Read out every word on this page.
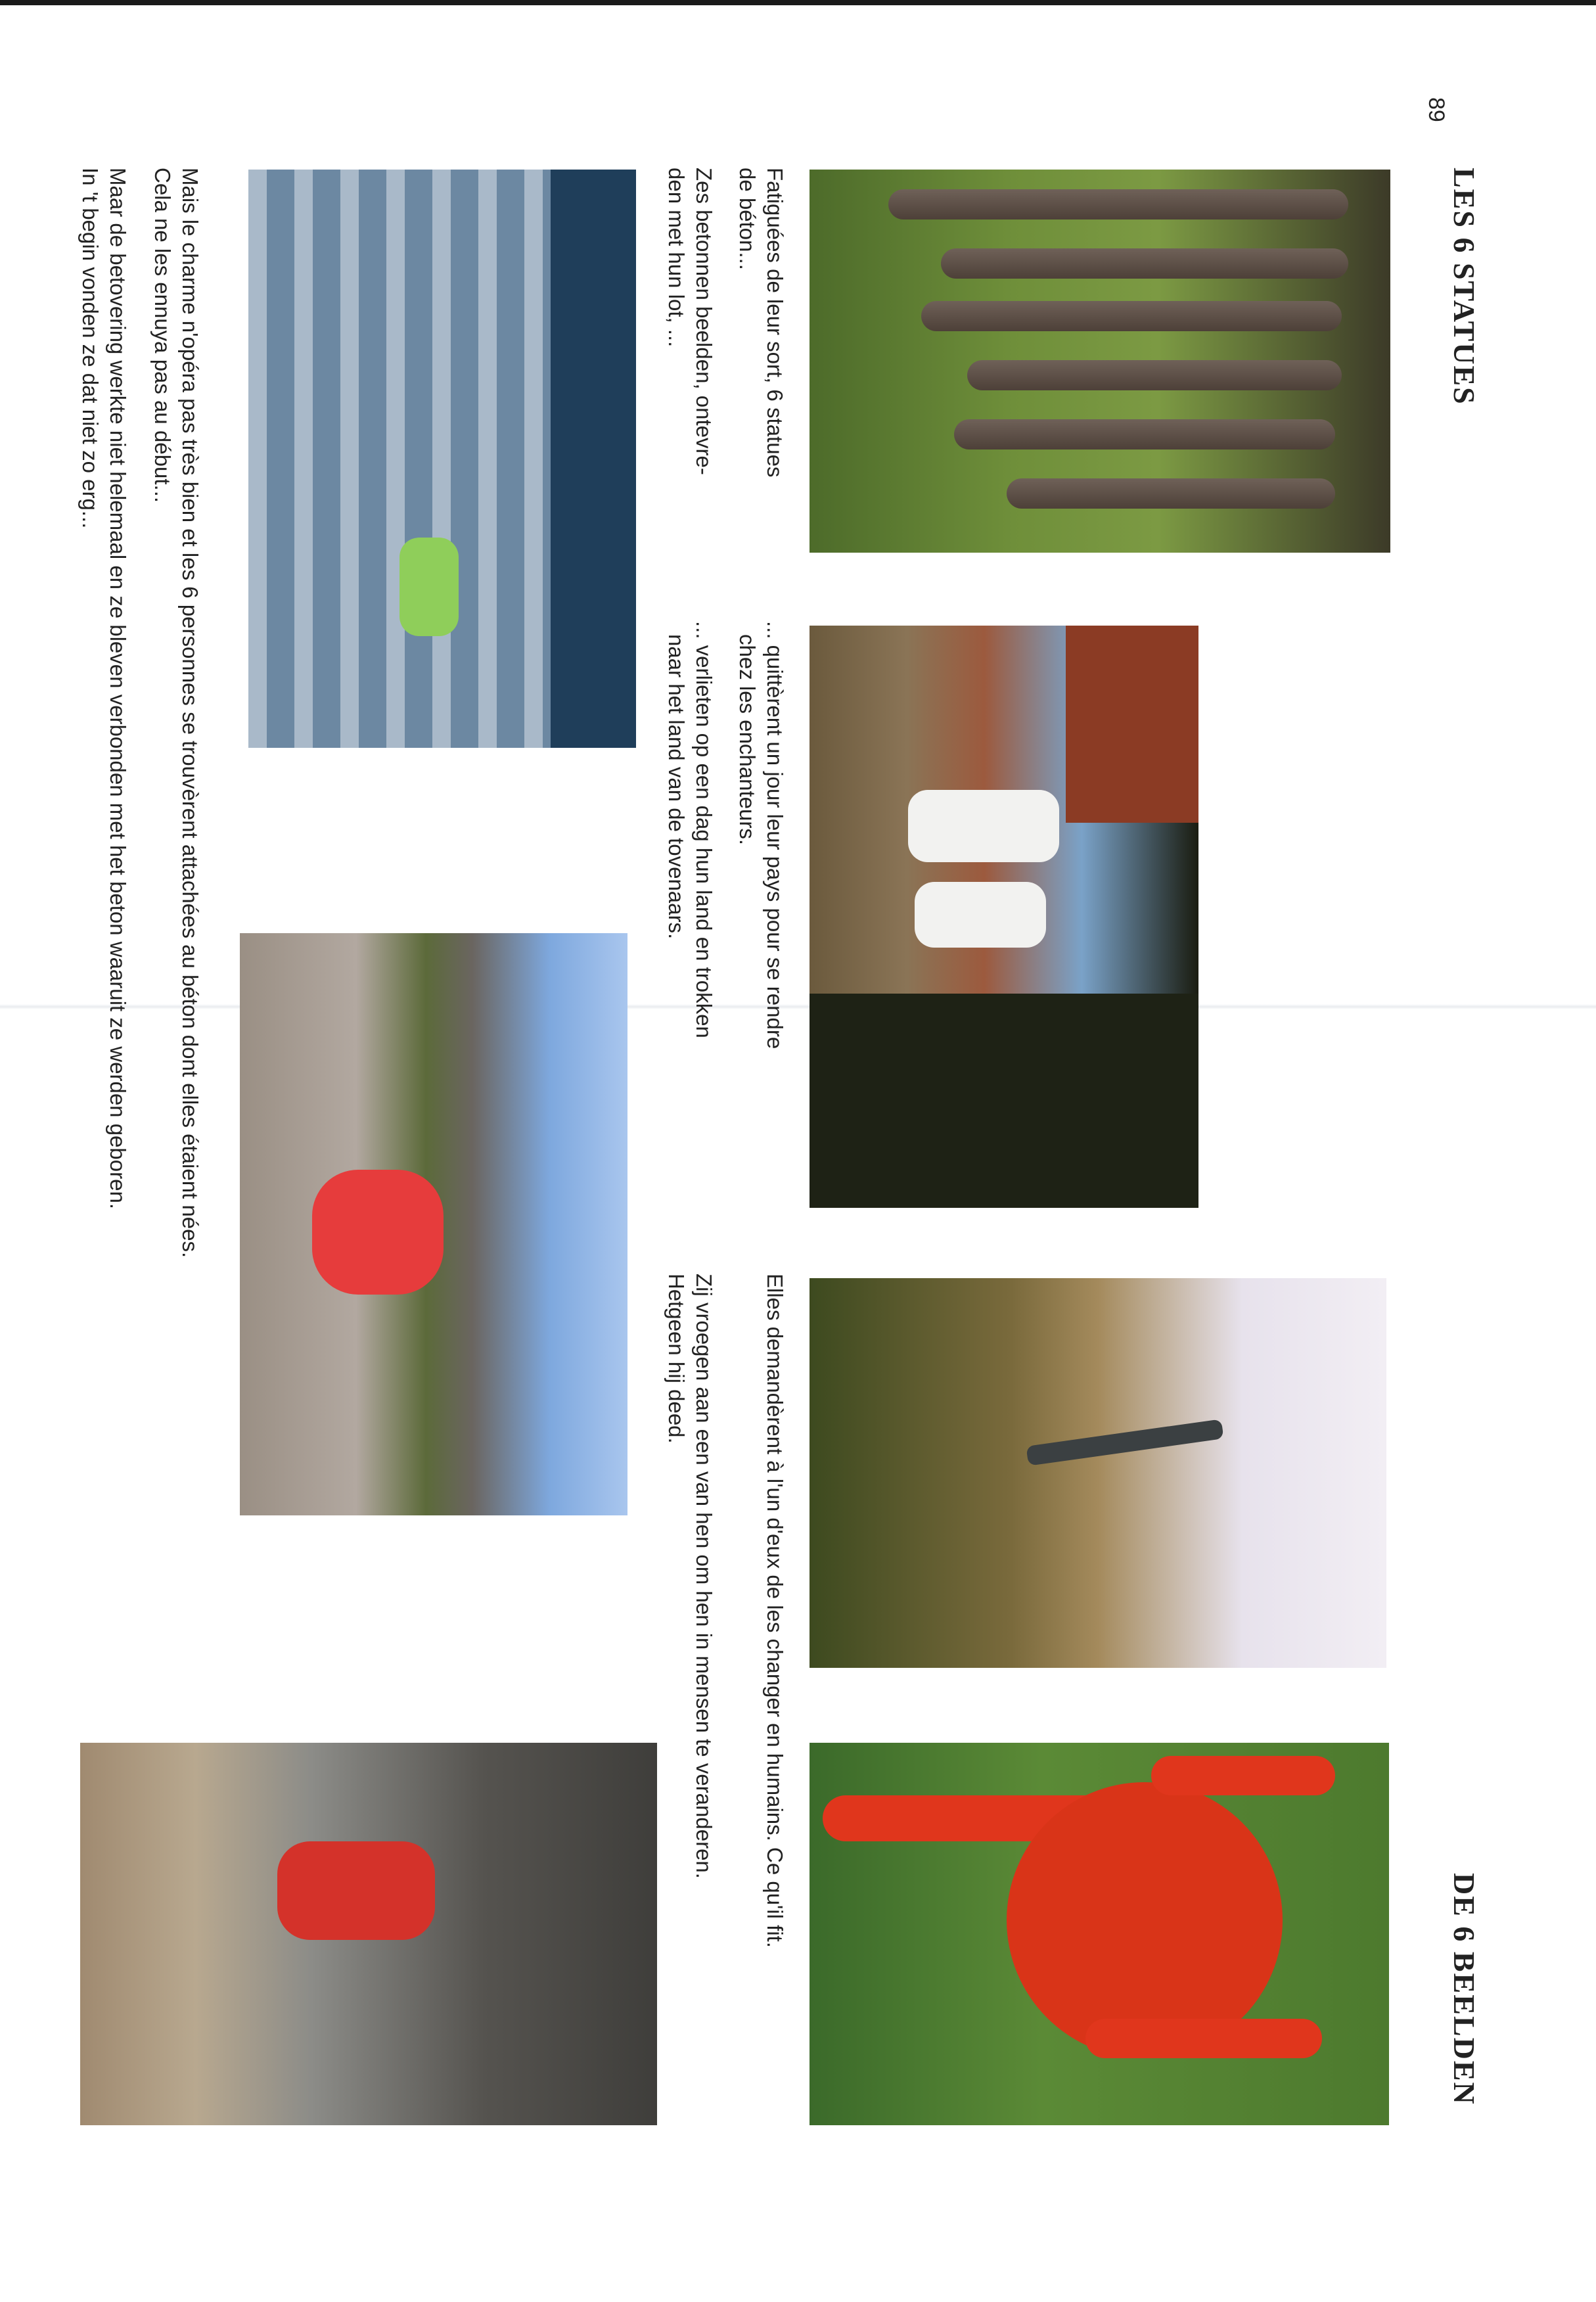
89
LES 6 STATUES
DE 6 BEELDEN
Fatiguées de leur sort, 6 statues
de béton...
Zes betonnen beelden, ontevre-
den met hun lot, ...
... quittèrent un jour leur pays pour se rendre
chez les enchanteurs.
... verlieten op een dag hun land en trokken
naar het land van de tovenaars.
Elles demandèrent à l'un d'eux de les changer en humains. Ce qu'il fit.
Zij vroegen aan een van hen om hen in mensen te veranderen.
Hetgeen hij deed.
Mais le charme n'opéra pas très bien et les 6 personnes se trouvèrent attachées au béton dont elles étaient nées.
Cela ne les ennuya pas au début...
Maar de betovering werkte niet helemaal en ze bleven verbonden met het beton waaruit ze werden geboren.
In 't begin vonden ze dat niet zo erg...
